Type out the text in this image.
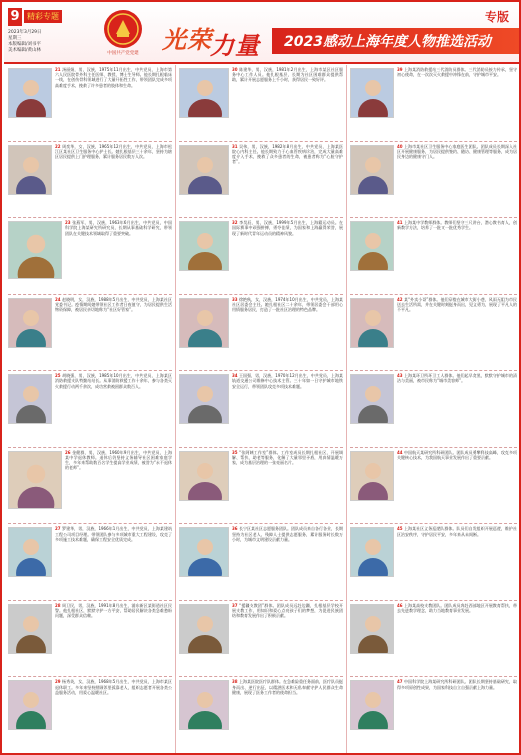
9 精彩专题
2023年3月29日
星期三
本版编辑/刘书平
美术编辑/黄山林
中国共产党党建 光荣
力量 2023感动上海年度人物推选活动
专版
21 汤丽娟，男，汉族，1975年11月出生，中共党员，上海市第六人民医院骨外科主任医师、教授、博士生导师。他长期扎根临床一线，在创伤骨科领域进行了大量开拓性工作，带领团队完成多项高难度手术，挽救了许多患者的肢体和生命。
22 周奕华，女，汉族，1965年12月出生，中共党员，上海市松江区某社区卫生服务中心护士长。她扎根基层三十余年，坚持为辖区居民提供上门护理服务，累计服务居民数万人次。
23 张燕军，男，汉族，1963年6月出生，中共党员，中国科学院上海某研究所研究员，长期从事基础科学研究，带领团队在关键技术领域取得了重要突破。
24 赵晓明，女，汉族，1988年5月出生，中共党员，上海某社区党委书记。疫情期间她带领社区工作者日夜值守，为居民提供生活物资保障，被居民亲切地称为“社区好管家”。
25 胡晓强，男，汉族，1985年10月出生，中共党员，上海某区消防救援支队特勤站站长。从事消防救援工作十余年，参与各类灭火救援行动两千余次，成功营救被困群众数百人。
26 金健群，男，汉族，1960年9月出生，中共党员，上海某中学退休教师。退休后仍坚持义务辅导社区困难家庭学生，多年来帮助数百名学生提高学业成绩，被誉为“永不退休的老师”。
27 罗建华，男，汉族，1966年1月出生，中共党员，上海某建筑工程公司项目经理。带领团队参与多项城市重大工程建设，攻克了多项施工技术难题，确保工程安全优质完成。
28 周卫民，男，汉族，1991年8月出生，浦东新区某街道社区民警。他扎根社区，默默守护一方平安，帮助居民解决各类急难愁盼问题，深受群众信赖。
29 杨秀英，女，汉族，1968年5月出生，中共党员，上海市某区退休职工。多年来坚持照顾邻里孤寡老人，组织志愿者开展各类公益服务活动，用爱心温暖社区。
30 陈建华，男，汉族，1981年2月出生，上海市某区社区服务中心工作人员。他扎根基层，长期为社区困难群众提供帮助，累计开展志愿服务上千小时，获得居民一致好评。
31 吴伟，男，汉族，1982年8月出生，中共党员，上海某医院心内科主任。他长期致力于心血管疾病诊治，完成大量高难度介入手术，挽救了众多患者的生命，被患者称为“心脏守护者”。
32 李昊辰，男，汉族，1999年5月出生，上海籍运动员。在国际赛事中顽强拼搏，勇夺佳绩，为国家和上海赢得荣誉，展现了新时代青年运动员的精神风貌。
33 徐艳秋，女，汉族，1974年10月出生，中共党员，上海某社区居委会主任。她扎根社区二十余年，带领居委会干部用心用情服务居民，打造了一批社区治理的特色品牌。
34 王国强，男，汉族，1970年12月出生，中共党员，上海某轨道交通公司维修中心技术主管。三十年如一日守护城市地铁安全运行，带领团队攻克多项技术难题。
35 “张阿姨工作室”群体。工作室成员长期扎根社区，开展调解、帮扶、助老等服务，化解了大量邻里矛盾，用真情温暖万家，成为基层治理的一张亮丽名片。
36 长宁区某社区志愿服务团队。团队成员来自各行各业，长期坚持为社区老人、残障人士提供志愿服务，累计服务时长数万小时，为城市文明建设贡献力量。
37 “援疆支教团”群体。团队成员远赴边疆，扎根基层学校开展支教工作，用知识和爱心点亮孩子们的梦想，为促进民族团结和教育发展作出了积极贡献。
38 上海某医院医疗队群体。在急难险重任务面前，医疗队员挺身而出、逆行出征，以精湛医术和无私奉献守护人民群众生命健康，展现了医务工作者的使命担当。
39 上海某消防救援站三代消防员群体。三代消防员接力传承，坚守初心使命，在一次次灭火救援中冲锋在前，守护城市平安。
40 上海市某社区卫生服务中心家庭医生团队。团队成员长期深入社区开展健康服务，为居民提供签约、随访、健康管理等服务，成为居民身边的健康守门人。
41 上海某中学教师群体。教师们坚守三尺讲台，潜心教书育人，创新教学方法，培养了一批又一批优秀学生。
42 某“外卖小哥”群体。他们穿梭在城市大街小巷，风雨无阻为市民送去生活所需，并在关键时刻挺身而出，见义勇为，展现了平凡人的不平凡。
43 上海某环卫所环卫工人群体。他们起早贪黑，默默守护城市的清洁与美丽，被市民称为“城市美容师”。
44 中国航天某研究所科研团队。团队成员勇攀科技高峰，攻克多项关键核心技术，为我国航天事业发展作出了重要贡献。
45 上海某社区义务巡逻队群体。队员们自发组织开展巡逻，维护社区治安秩序，守护居民平安，多年来从未间断。
46 上海某高校支教团队。团队成员奔赴西部地区开展教育帮扶，带去先进教学理念，助力当地教育事业发展。
47 中国科学院上海某研究所科研团队。团队长期坚持基础研究，取得多项原创性成果，为国家科技自立自强贡献上海力量。
